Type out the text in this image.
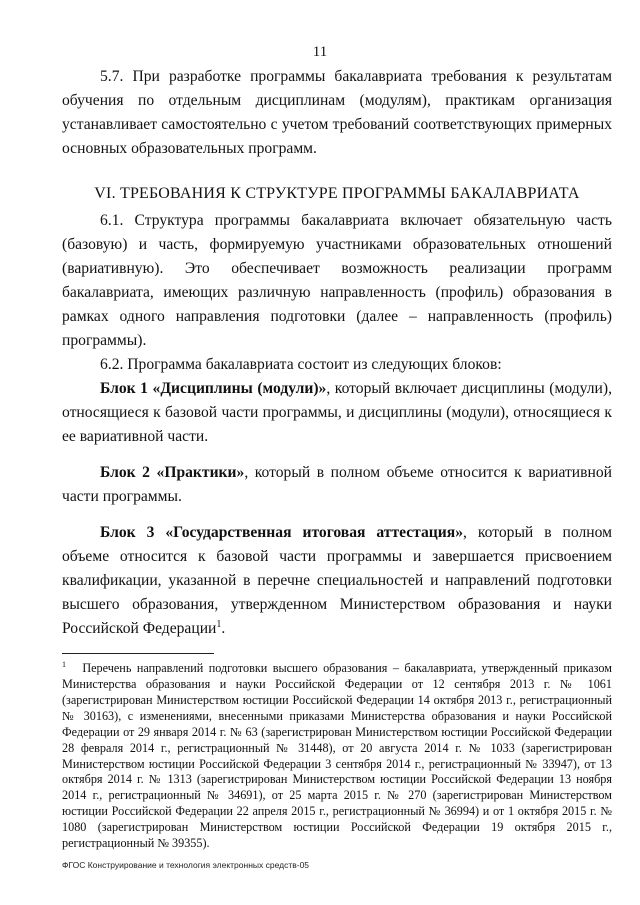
11

5.7. При разработке программы бакалавриата требования к результатам обучения по отдельным дисциплинам (модулям), практикам организация устанавливает самостоятельно с учетом требований соответствующих примерных основных образовательных программ.

VI. ТРЕБОВАНИЯ К СТРУКТУРЕ ПРОГРАММЫ БАКАЛАВРИАТА

6.1. Структура программы бакалавриата включает обязательную часть (базовую) и часть, формируемую участниками образовательных отношений (вариативную). Это обеспечивает возможность реализации программ бакалавриата, имеющих различную направленность (профиль) образования в рамках одного направления подготовки (далее – направленность (профиль) программы).

6.2. Программа бакалавриата состоит из следующих блоков:

Блок 1 «Дисциплины (модули)», который включает дисциплины (модули), относящиеся к базовой части программы, и дисциплины (модули), относящиеся к ее вариативной части.

Блок 2 «Практики», который в полном объеме относится к вариативной части программы.

Блок 3 «Государственная итоговая аттестация», который в полном объеме относится к базовой части программы и завершается присвоением квалификации, указанной в перечне специальностей и направлений подготовки высшего образования, утвержденном Министерством образования и науки Российской Федерации$^1$.

$^1$ Перечень направлений подготовки высшего образования – бакалавриата, утвержденный приказом Министерства образования и науки Российской Федерации от 12 сентября 2013 г. № 1061 (зарегистрирован Министерством юстиции Российской Федерации 14 октября 2013 г., регистрационный № 30163), с изменениями, внесенными приказами Министерства образования и науки Российской Федерации от 29 января 2014 г. № 63 (зарегистрирован Министерством юстиции Российской Федерации 28 февраля 2014 г., регистрационный № 31448), от 20 августа 2014 г. № 1033 (зарегистрирован Министерством юстиции Российской Федерации 3 сентября 2014 г., регистрационный № 33947), от 13 октября 2014 г. № 1313 (зарегистрирован Министерством юстиции Российской Федерации 13 ноября 2014 г., регистрационный № 34691), от 25 марта 2015 г. № 270 (зарегистрирован Министерством юстиции Российской Федерации 22 апреля 2015 г., регистрационный № 36994) и от 1 октября 2015 г. № 1080 (зарегистрирован Министерством юстиции Российской Федерации 19 октября 2015 г., регистрационный № 39355).
ФГОС Конструирование и технология электронных средств-05
